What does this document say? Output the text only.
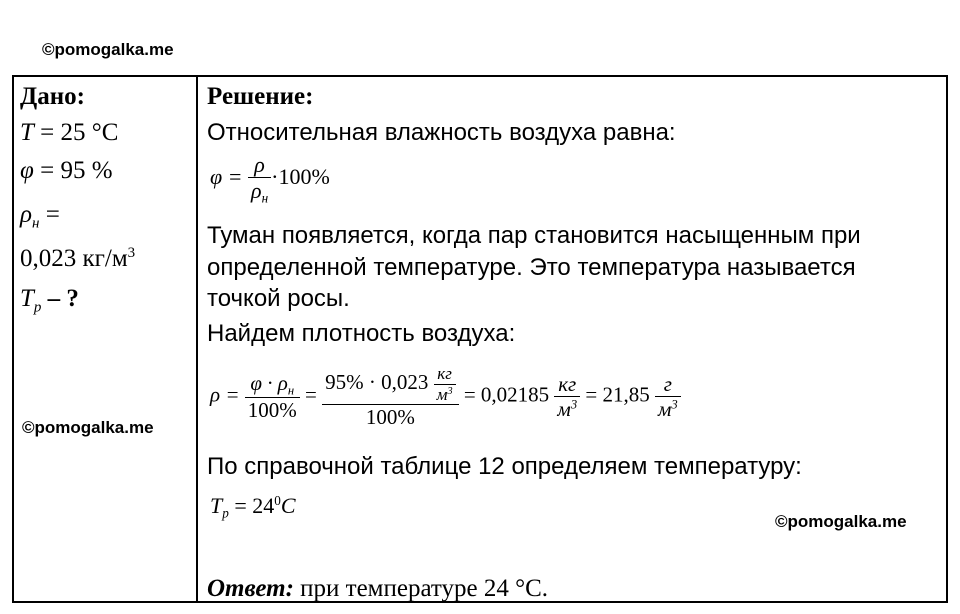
©pomogalka.me
Дано:
T = 25 °C
φ = 95 %
$\rho_н$ =
0,023 $кг/м^3$
$T_р$ – ?
©pomogalka.me
Решение:
Относительная влажность воздуха равна:
$\varphi = \frac{\rho}{\rho_н} \cdot 100\%$
Туман появляется, когда пар становится насыщенным при
определенной температуре. Это температура называется
точкой росы.
Найдем плотность воздуха:
$\rho = \frac{\varphi \cdot \rho_н}{100\%} = \frac{95\% \cdot 0,023 \frac{кг}{м^3}}{100\%} = 0,02185 \frac{кг}{м^3} = 21,85 \frac{г}{м^3}$
По справочной таблице 12 определяем температуру:
$T_р = 24^0C$
©pomogalka.me
Ответ: при температуре 24 °C.
